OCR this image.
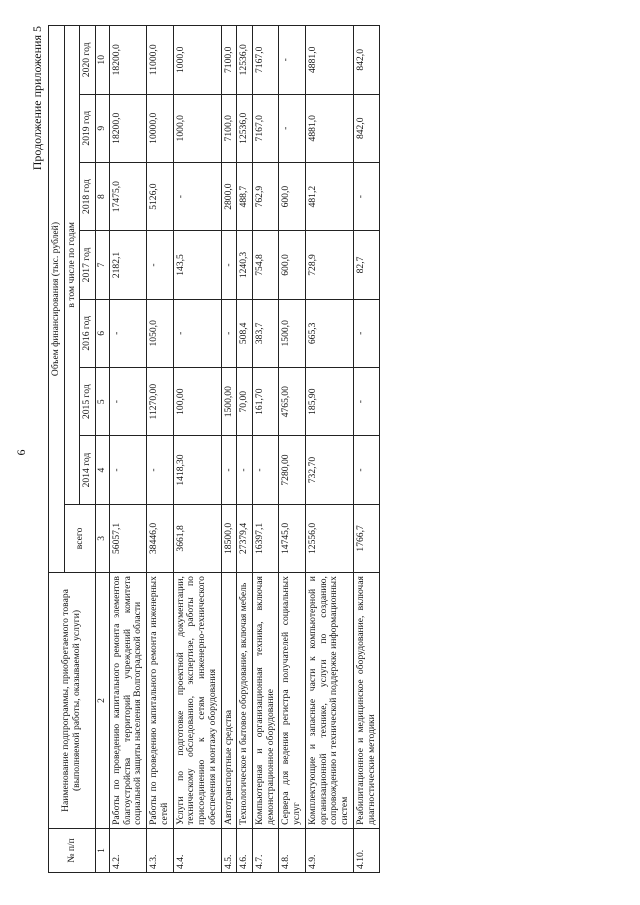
6
Продолжение приложения 5
№ п/п	Наименование подпрограммы, приобретаемого товара (выполняемой работы, оказываемой услуги)	Объем финансирования (тыс. рублей)							
		всего	в том числе по годам						
			2014 год	2015 год	2016 год	2017 год	2018 год	2019 год	2020 год
1	2	3	4	5	6	7	8	9	10
4.2.	Работы по проведению капитального ремонта элементов благоустройства территорий учреждений комитета социальной защиты населения Волгоградской области	56057,1	-	-	-	2182,1	17475,0	18200,0	18200,0
4.3.	Работы по проведению капитального ремонта инженерных сетей	38446,0	-	11270,00	1050,0	-	5126,0	10000,0	11000,0
4.4.	Услуги по подготовке проектной документации, техническому обследованию, экспертизе, работы по присоединению к сетям инженерно-технического обеспечения и монтажу оборудования	3661,8	1418,30	100,00	-	143,5	-	1000,0	1000,0
4.5.	Автотранспортные средства	18500,0	-	1500,00	-	-	2800,0	7100,0	7100,0
4.6.	Технологическое и бытовое оборудование, включая мебель	27379,4	-	70,00	508,4	1240,3	488,7	12536,0	12536,0
4.7.	Компьютерная и организационная техника, включая демонстрационное оборудование	16397,1	-	161,70	383,7	754,8	762,9	7167,0	7167,0
4.8.	Сервера для ведения регистра получателей социальных услуг	14745,0	7280,00	4765,00	1500,0	600,0	600,0	-	-
4.9.	Комплектующие и запасные части к компьютерной и организационной технике, услуги по созданию, сопровождению и технической поддержке информационных систем	12556,0	732,70	185,90	665,3	728,9	481,2	4881,0	4881,0
4.10.	Реабилитационное и медицинское оборудование, включая диагностические методики	1766,7	-	-	-	82,7	-	842,0	842,0
